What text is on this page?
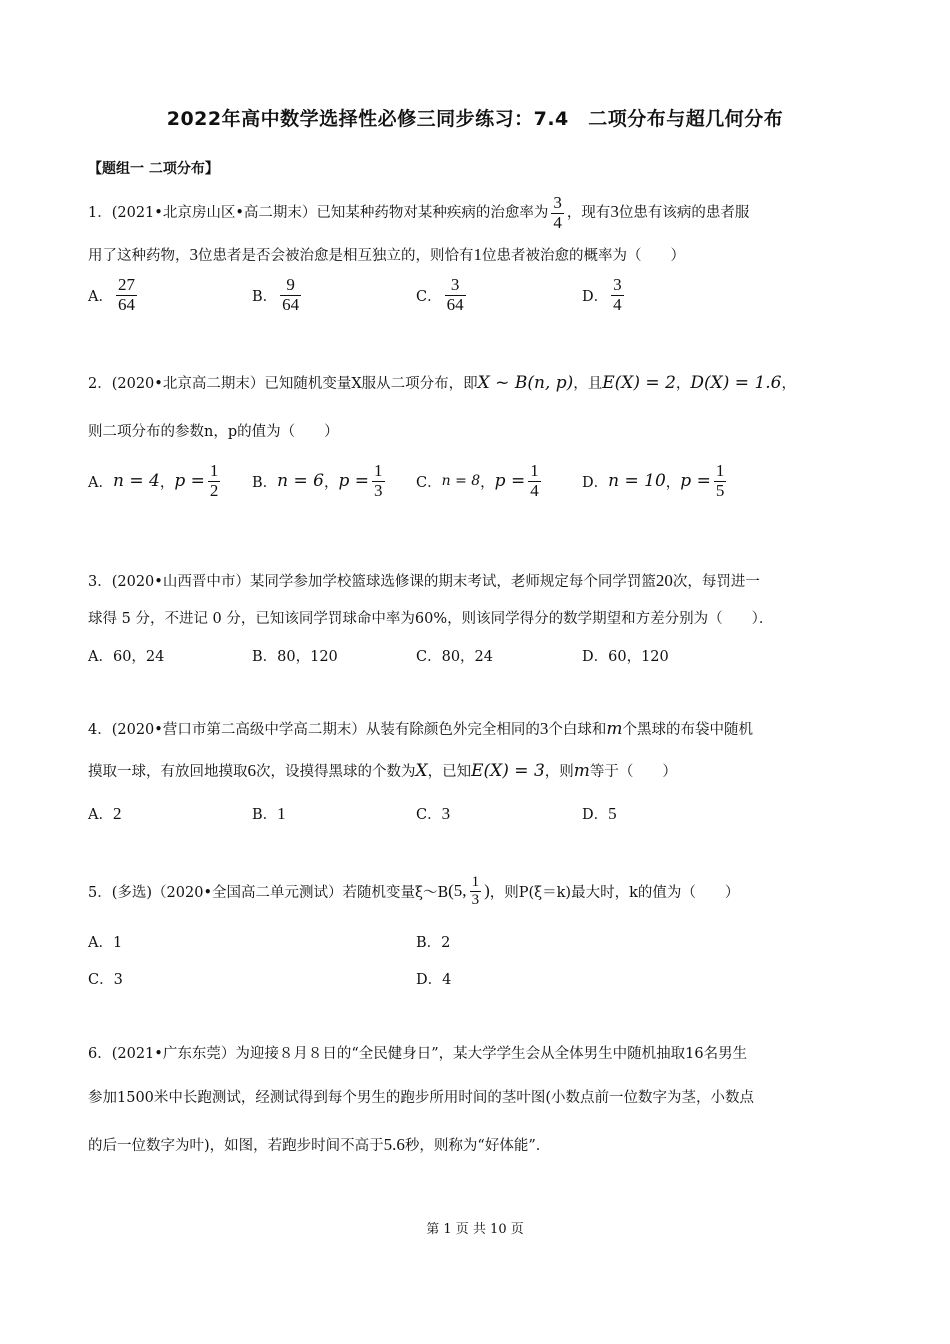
2022年高中数学选择性必修三同步练习：7.4　二项分布与超几何分布
【题组一 二项分布】
1．(2021•北京房山区•高二期末）已知某种药物对某种疾病的治愈率为 $\frac{3}{4}$ ，现有3位患有该病的患者服
用了这种药物，3位患者是否会被治愈是相互独立的，则恰有1位患者被治愈的概率为（　　）
A． $\frac{27}{64}$	B． $\frac{9}{64}$	C． $\frac{3}{64}$	D． $\frac{3}{4}$
2．(2020•北京高二期末）已知随机变量X服从二项分布，即X ~ B(n, p)，且E(X) = 2，D(X) = 1.6，
则二项分布的参数n，p的值为（　　）
A． n = 4 ， $p = \frac{1}{2}$ B． n = 6 ， $p = \frac{1}{3}$ C． n = 8 ， $p = \frac{1}{4}$	D． n = 10 ， $p = \frac{1}{5}$
3．(2020•山西晋中市）某同学参加学校篮球选修课的期末考试，老师规定每个同学罚篮20次，每罚进一
球得 5 分，不进记 0 分，已知该同学罚球命中率为60%，则该同学得分的数学期望和方差分别为（　　）．
A．60，24	B．80，120	C．80，24	D．60，120
4．(2020•营口市第二高级中学高二期末）从装有除颜色外完全相同的3个白球和m个黑球的布袋中随机
摸取一球，有放回地摸取6次，设摸得黑球的个数为X，已知E(X) = 3，则m等于（　　）
A． 2	B． 1	C． 3	D． 5
5．(多选)（2020•全国高二单元测试）若随机变量ξ～B (5, $\frac{1}{3}$ ) ，则P(ξ＝k)最大时，k的值为（　　）
A．1	B．2
C．3	D．4
6．(2021•广东东莞）为迎接８月８日的“全民健身日”，某大学学生会从全体男生中随机抽取16名男生
参加1500米中长跑测试，经测试得到每个男生的跑步所用时间的茎叶图(小数点前一位数字为茎，小数点
的后一位数字为叶)，如图，若跑步时间不高于5.6秒，则称为“好体能”．
第 1 页 共 10 页
